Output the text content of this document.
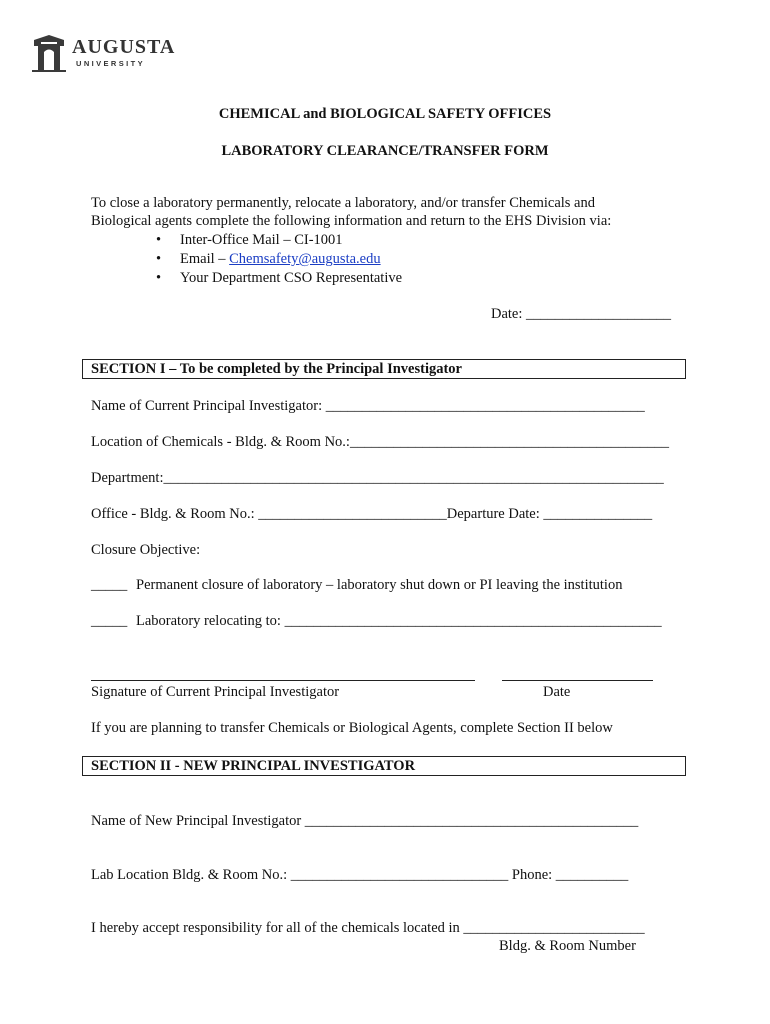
AUGUSTA
UNIVERSITY
CHEMICAL and BIOLOGICAL SAFETY OFFICES
LABORATORY CLEARANCE/TRANSFER FORM
To close a laboratory permanently, relocate a laboratory, and/or transfer Chemicals and
Biological agents complete the following information and return to the EHS Division via:
• Inter-Office Mail – CI-1001
• Email – Chemsafety@augusta.edu
• Your Department CSO Representative
Date: ____________________
SECTION I – To be completed by the Principal Investigator
Name of Current Principal Investigator: ____________________________________________
Location of Chemicals - Bldg. & Room No.:____________________________________________
Department:_____________________________________________________________________
Office - Bldg. & Room No.: __________________________Departure Date: _______________
Closure Objective:
_____ Permanent closure of laboratory – laboratory shut down or PI leaving the institution
_____ Laboratory relocating to: ____________________________________________________
Signature of Current Principal Investigator	Date
If you are planning to transfer Chemicals or Biological Agents, complete Section II below
SECTION II - NEW PRINCIPAL INVESTIGATOR
Name of New Principal Investigator ______________________________________________
Lab Location Bldg. & Room No.: ______________________________ Phone: __________
I hereby accept responsibility for all of the chemicals located in _________________________
Bldg. & Room Number
